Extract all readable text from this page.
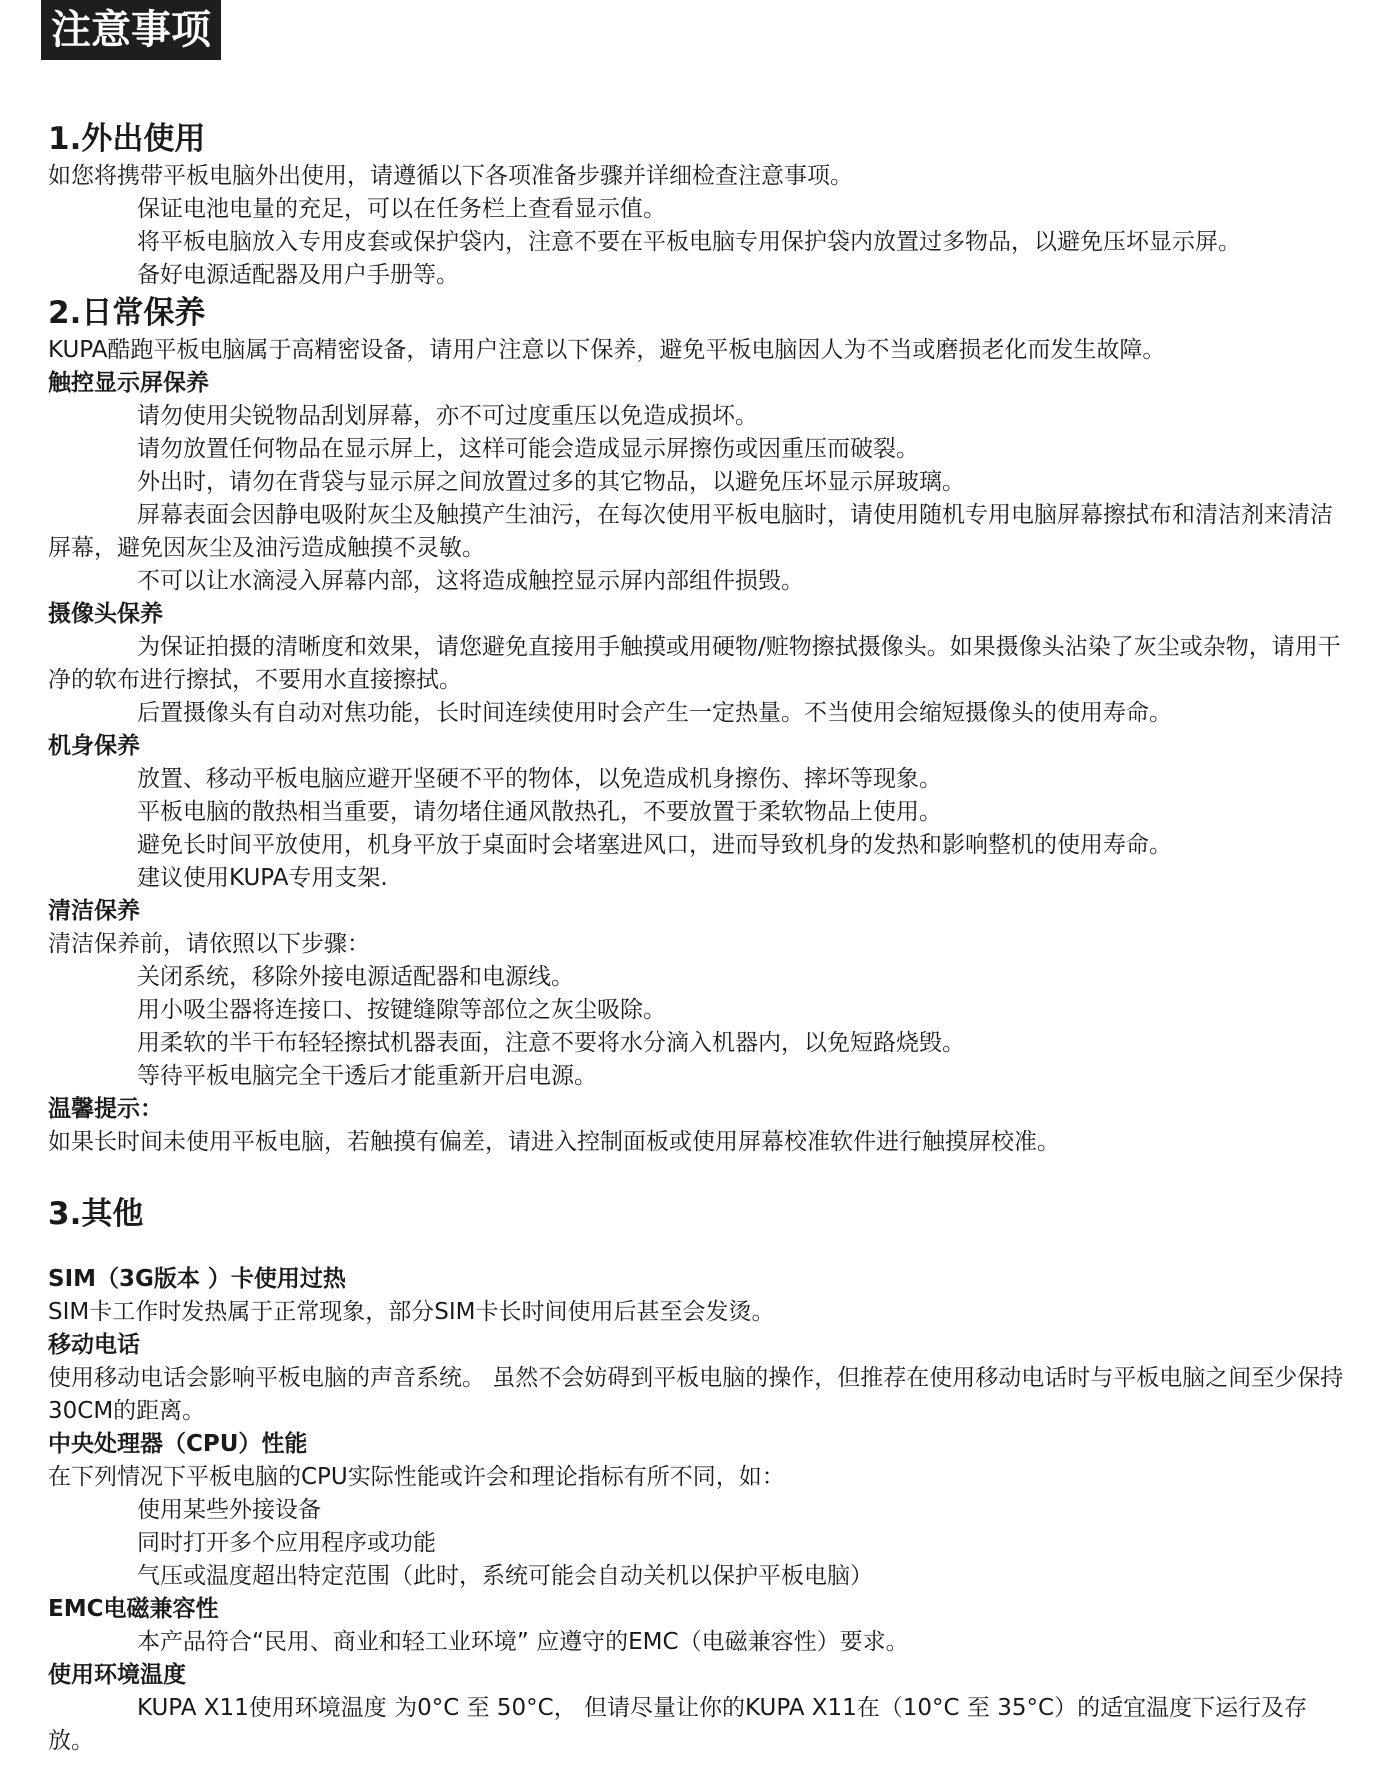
注意事项
1.外出使用
如您将携带平板电脑外出使用，请遵循以下各项准备步骤并详细检查注意事项。
保证电池电量的充足，可以在任务栏上查看显示值。
将平板电脑放入专用皮套或保护袋内，注意不要在平板电脑专用保护袋内放置过多物品，以避免压坏显示屏。
备好电源适配器及用户手册等。
2.日常保养
KUPA酷跑平板电脑属于高精密设备，请用户注意以下保养，避免平板电脑因人为不当或磨损老化而发生故障。
触控显示屏保养
请勿使用尖锐物品刮划屏幕，亦不可过度重压以免造成损坏。
请勿放置任何物品在显示屏上，这样可能会造成显示屏擦伤或因重压而破裂。
外出时，请勿在背袋与显示屏之间放置过多的其它物品，以避免压坏显示屏玻璃。
屏幕表面会因静电吸附灰尘及触摸产生油污，在每次使用平板电脑时，请使用随机专用电脑屏幕擦拭布和清洁剂来清洁屏幕，避免因灰尘及油污造成触摸不灵敏。
不可以让水滴浸入屏幕内部，这将造成触控显示屏内部组件损毁。
摄像头保养
为保证拍摄的清晰度和效果，请您避免直接用手触摸或用硬物/赃物擦拭摄像头。如果摄像头沾染了灰尘或杂物，请用干净的软布进行擦拭，不要用水直接擦拭。
后置摄像头有自动对焦功能，长时间连续使用时会产生一定热量。不当使用会缩短摄像头的使用寿命。
机身保养
放置、移动平板电脑应避开坚硬不平的物体，以免造成机身擦伤、摔坏等现象。
平板电脑的散热相当重要，请勿堵住通风散热孔，不要放置于柔软物品上使用。
避免长时间平放使用，机身平放于桌面时会堵塞进风口，进而导致机身的发热和影响整机的使用寿命。
建议使用KUPA专用支架.
清洁保养
清洁保养前，请依照以下步骤：
关闭系统，移除外接电源适配器和电源线。
用小吸尘器将连接口、按键缝隙等部位之灰尘吸除。
用柔软的半干布轻轻擦拭机器表面，注意不要将水分滴入机器内，以免短路烧毁。
等待平板电脑完全干透后才能重新开启电源。
温馨提示：
如果长时间未使用平板电脑，若触摸有偏差，请进入控制面板或使用屏幕校准软件进行触摸屏校准。
3.其他
SIM（3G版本 ）卡使用过热
SIM卡工作时发热属于正常现象，部分SIM卡长时间使用后甚至会发烫。
移动电话
使用移动电话会影响平板电脑的声音系统。 虽然不会妨碍到平板电脑的操作，但推荐在使用移动电话时与平板电脑之间至少保持30CM的距离。
中央处理器（CPU）性能
在下列情况下平板电脑的CPU实际性能或许会和理论指标有所不同，如：
使用某些外接设备
同时打开多个应用程序或功能
气压或温度超出特定范围（此时，系统可能会自动关机以保护平板电脑）
EMC电磁兼容性
本产品符合“民用、商业和轻工业环境” 应遵守的EMC（电磁兼容性）要求。
使用环境温度
KUPA X11使用环境温度 为0°C 至 50°C， 但请尽量让你的KUPA X11在（10°C 至 35°C）的适宜温度下运行及存放。
